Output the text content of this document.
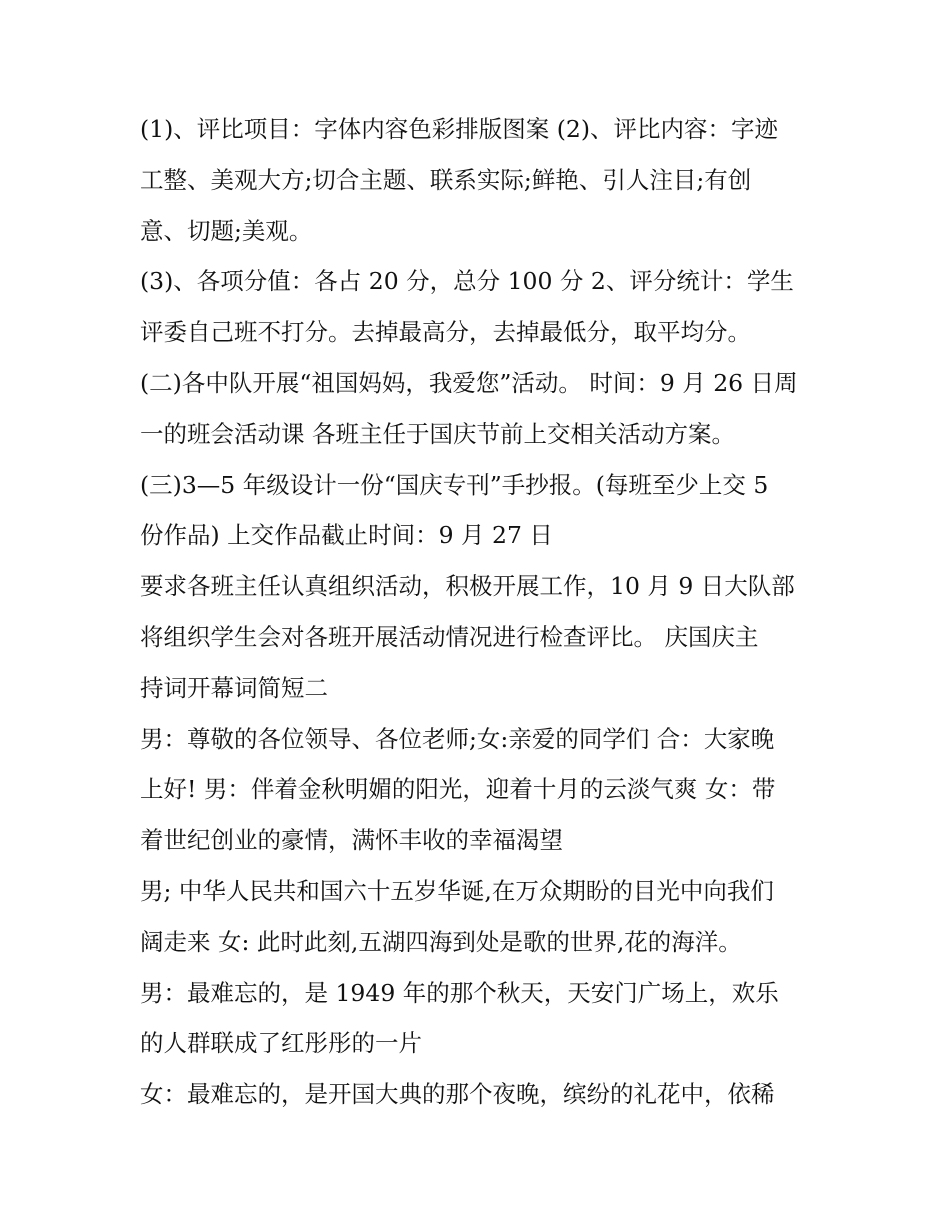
(1)、评比项目：字体内容色彩排版图案 (2)、评比内容：字迹
工整、美观大方;切合主题、联系实际;鲜艳、引人注目;有创
意、切题;美观。
(3)、各项分值：各占 20 分，总分 100 分 2、评分统计：学生
评委自己班不打分。去掉最高分，去掉最低分，取平均分。
(二)各中队开展“祖国妈妈，我爱您”活动。 时间：9 月 26 日周
一的班会活动课 各班主任于国庆节前上交相关活动方案。
(三)3—5 年级设计一份“国庆专刊”手抄报。(每班至少上交 5
份作品) 上交作品截止时间：9 月 27 日
要求各班主任认真组织活动，积极开展工作，10 月 9 日大队部
将组织学生会对各班开展活动情况进行检查评比。 庆国庆主
持词开幕词简短二
男：尊敬的各位领导、各位老师;女:亲爱的同学们 合：大家晚
上好! 男：伴着金秋明媚的阳光，迎着十月的云淡气爽 女：带
着世纪创业的豪情，满怀丰收的幸福渴望
男; 中华人民共和国六十五岁华诞,在万众期盼的目光中向我们
阔走来 女: 此时此刻,五湖四海到处是歌的世界,花的海洋。
男：最难忘的，是 1949 年的那个秋天，天安门广场上，欢乐
的人群联成了红彤彤的一片
女：最难忘的，是开国大典的那个夜晚，缤纷的礼花中，依稀
